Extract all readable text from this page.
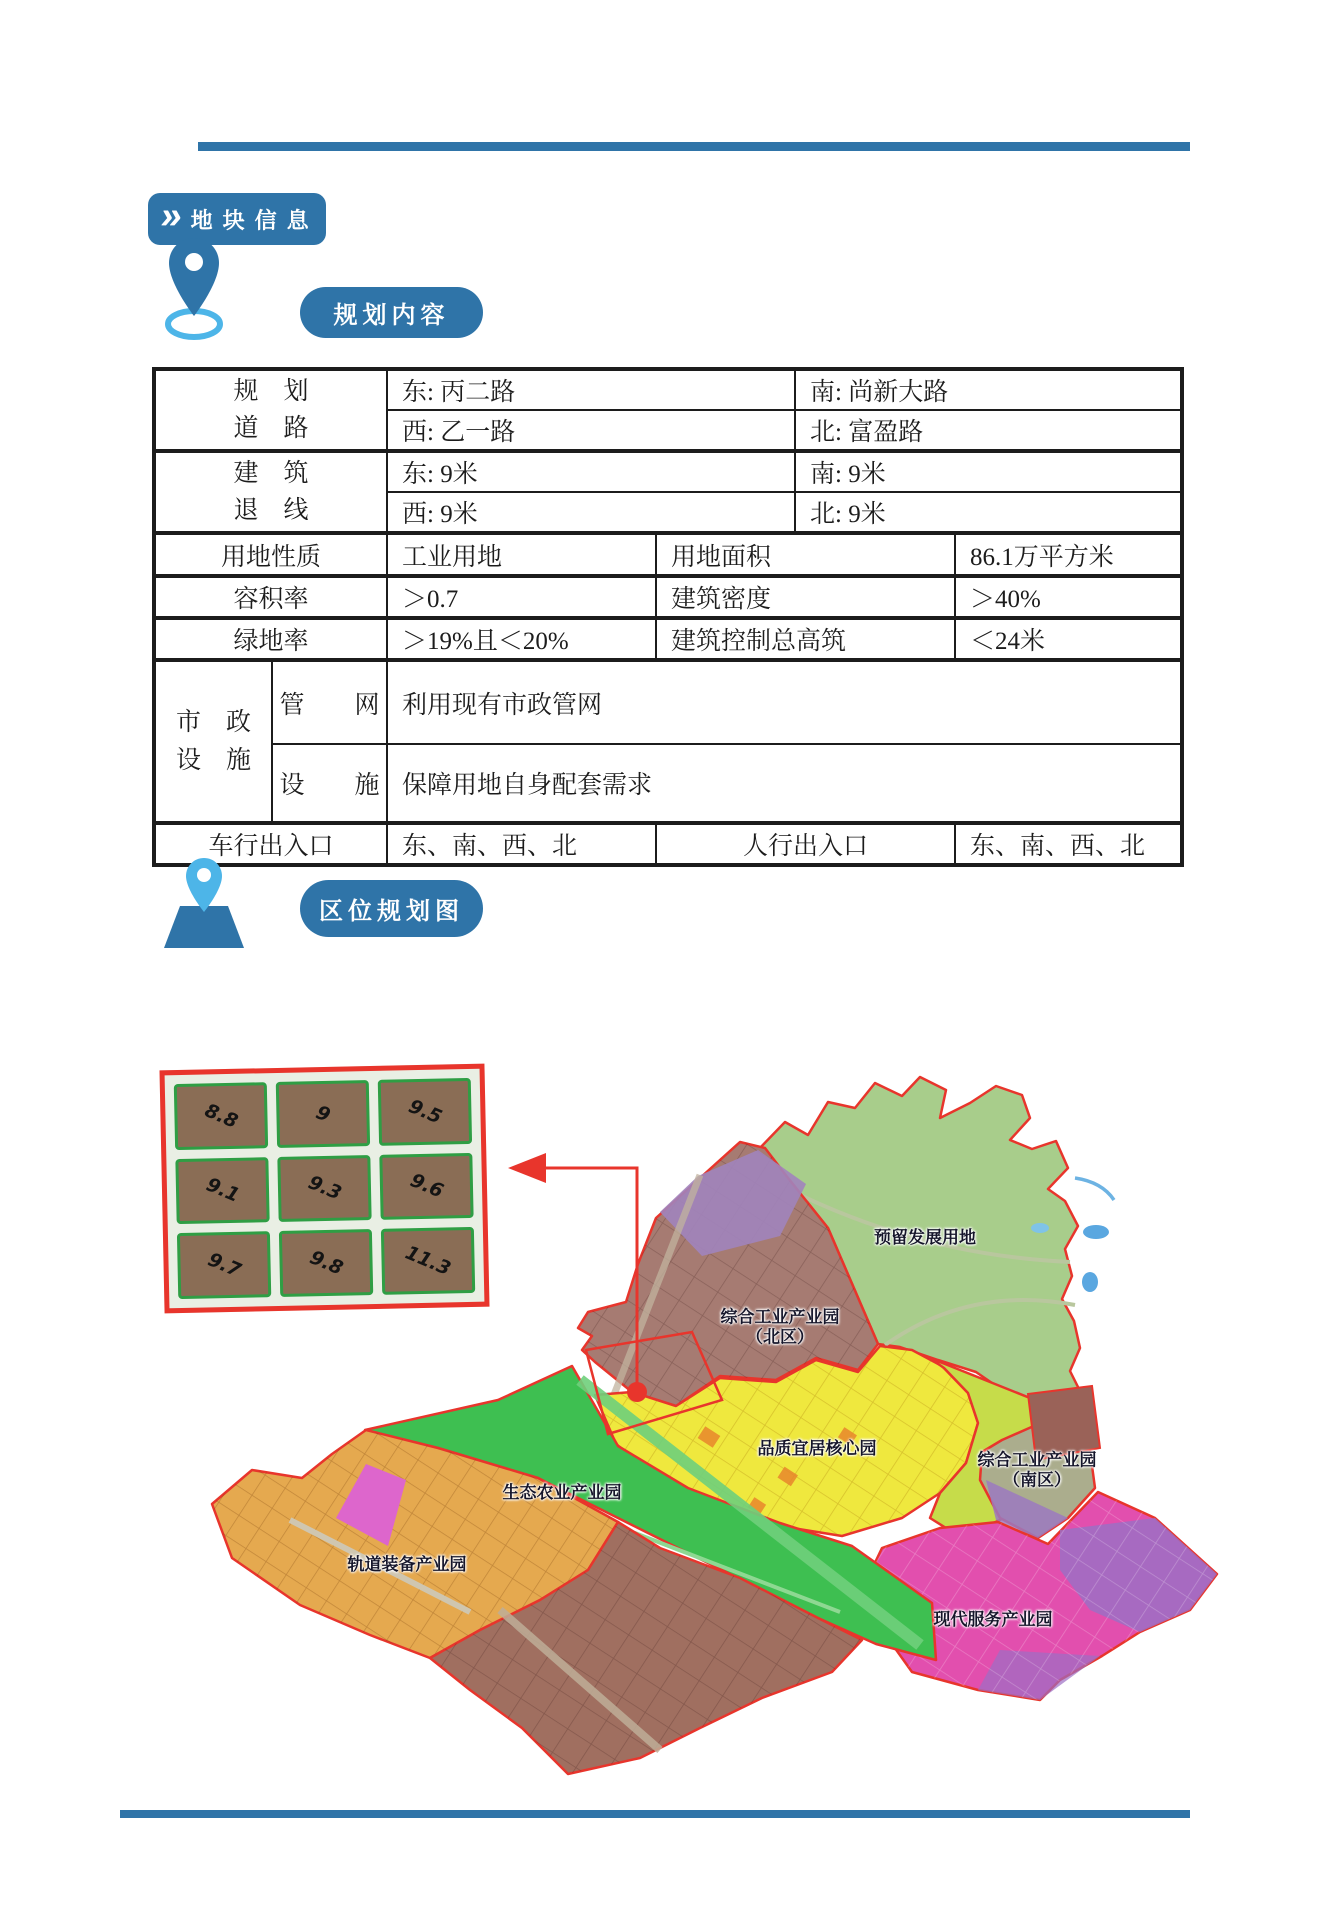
» 地块信息
规划内容
规　划
道　路		东: 丙二路		南: 尚新大路	
		西: 乙一路		北: 富盈路	

建　筑
退　线		东: 9米		南: 9米	
		西: 9米		北: 9米	
用地性质		工业用地	用地面积		86.1万平方米
容积率		＞0.7	建筑密度		＞40%
绿地率		＞19%且＜20%	建筑控制总高筑		＜24米

市　政
设　施	管　　网	利用现有市政管网			
	设　　施	保障用地自身配套需求			
车行出入口		东、南、西、北	人行出入口		东、南、西、北
区位规划图
预留发展用地
综合工业产业园
（北区）
品质宜居核心园
综合工业产业园
（南区）
生态农业产业园
轨道装备产业园
现代服务产业园
8.8	9	9.5
9.1	9.3	9.6
9.7	9.8	11.3
